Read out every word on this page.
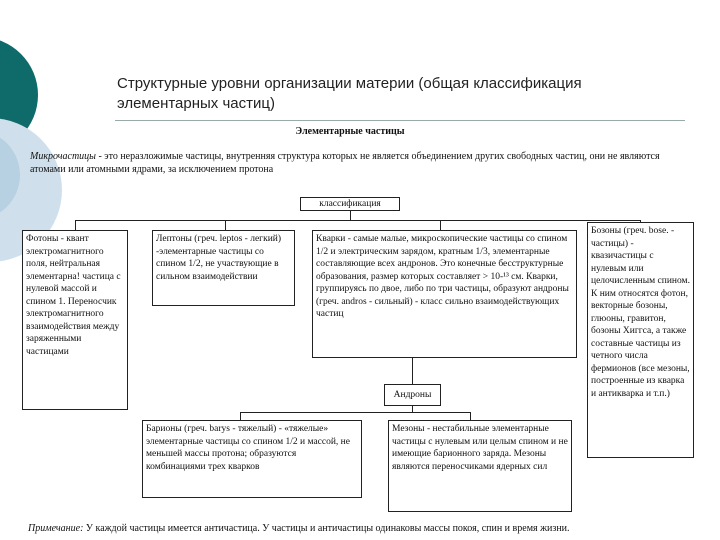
Структурные уровни организации материи (общая классификация элементарных частиц)
Элементарные частицы
Микрочастицы - это неразложимые частицы, внутренняя структура которых не является объединением других свободных частиц, они не являются атомами или атомными ядрами, за исключением протона
классификация
Фотоны - квант электромагнитного поля, нейтральная элементарна! частица с нулевой массой и спином 1. Переносчик электромагнитного взаимодействия между заряженными частицами
Лептоны (греч. leptos - легкий) -элементарные частицы со спином 1/2, не участвующие в сильном взаимодействии
Кварки - самые малые, микроскопические частицы со спином 1/2 и электрическим зарядом, кратным 1/3, элементарные составляющие всех андронов. Это конечные бесструктурные образования, размер которых составляет > 10-¹³ см. Кварки, группируясь по двое, либо по три частицы, образуют андроны (греч. andros - сильный) - класс сильно взаимодействующих частиц
Бозоны (греч. bose. - частицы) - квазичастицы с нулевым или целочисленным спином. К ним относятся фотон, векторные бозоны, глюоны, гравитон, бозоны Хиггса, а также составные частицы из четного числа фермионов (все мезоны, построенные из кварка и антикварка и т.п.)
Андроны
Барионы (греч. barys - тяжелый) - «тяжелые» элементарные частицы со спином 1/2 и массой, не меньшей массы протона; образуются комбинациями трех кварков
Мезоны - нестабильные элементарные частицы с нулевым или целым спином и не имеющие барионного заряда. Мезоны являются переносчиками ядерных сил
Примечание: У каждой частицы имеется античастица. У частицы и античастицы одинаковы массы покоя, спин и время жизни.
